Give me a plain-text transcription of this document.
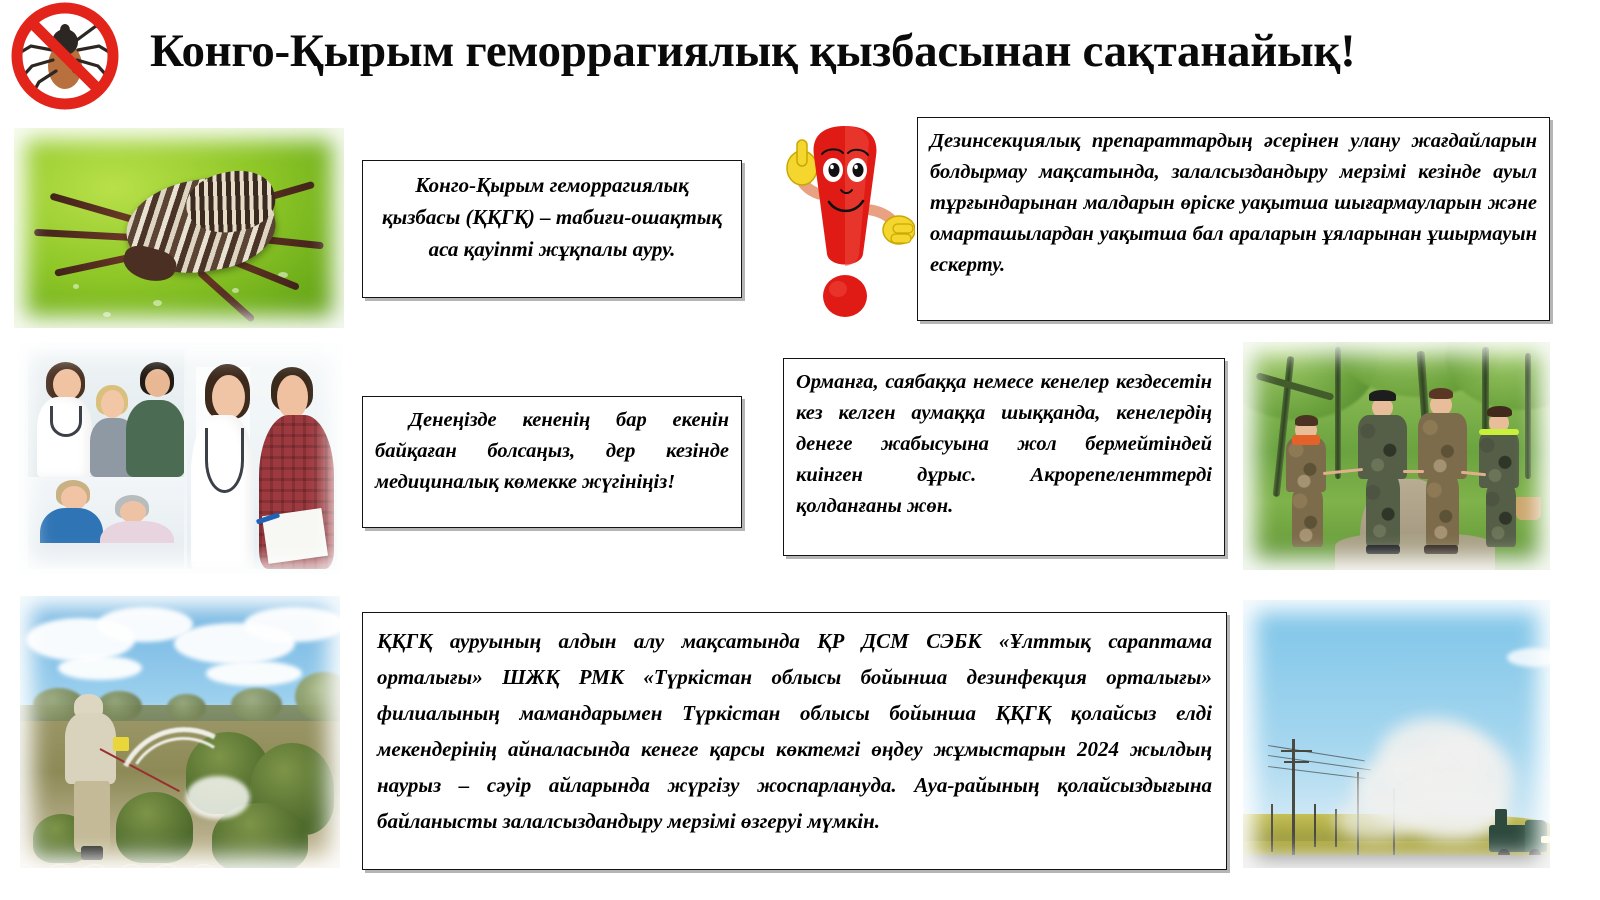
Конго-Қырым геморрагиялық қызбасынан сақтанайық!
Конго-Қырым геморрагиялық қызбасы (ҚҚГҚ) – табиғи-ошақтық аса қауіпті жұқпалы ауру.
Дезинсекциялық препараттардың әсерінен улану жағдайларын болдырмау мақсатында, залалсыздандыру мерзімі кезінде ауыл тұрғындарынан малдарын өріске уақытша шығармауларын және омарташылардан уақытша бал араларын ұяларынан ұшырмауын ескерту.
Денеңізде кененің бар екенін байқаған болсаңыз, дер кезінде медициналық көмекке жүгініңіз!
Орманға, саябаққа немесе кенелер кездесетін кез келген аумаққа шыққанда, кенелердің денеге жабысуына жол бермейтіндей киінген дұрыс. Акрорепеленттерді қолданғаны жөн.
ҚҚГҚ ауруының алдын алу мақсатында ҚР ДСМ СЭБК «Ұлттық сараптама орталығы» ШЖҚ РМК «Түркістан облысы бойынша дезинфекция орталығы» филиалының мамандарымен Түркістан облысы бойынша ҚҚГҚ қолайсыз елді мекендерінің айналасында кенеге қарсы көктемгі өңдеу жұмыстарын 2024 жылдың наурыз – сәуір айларында жүргізу жоспарлануда. Ауа-райының қолайсыздығына байланысты залалсыздандыру мерзімі өзгеруі мүмкін.
